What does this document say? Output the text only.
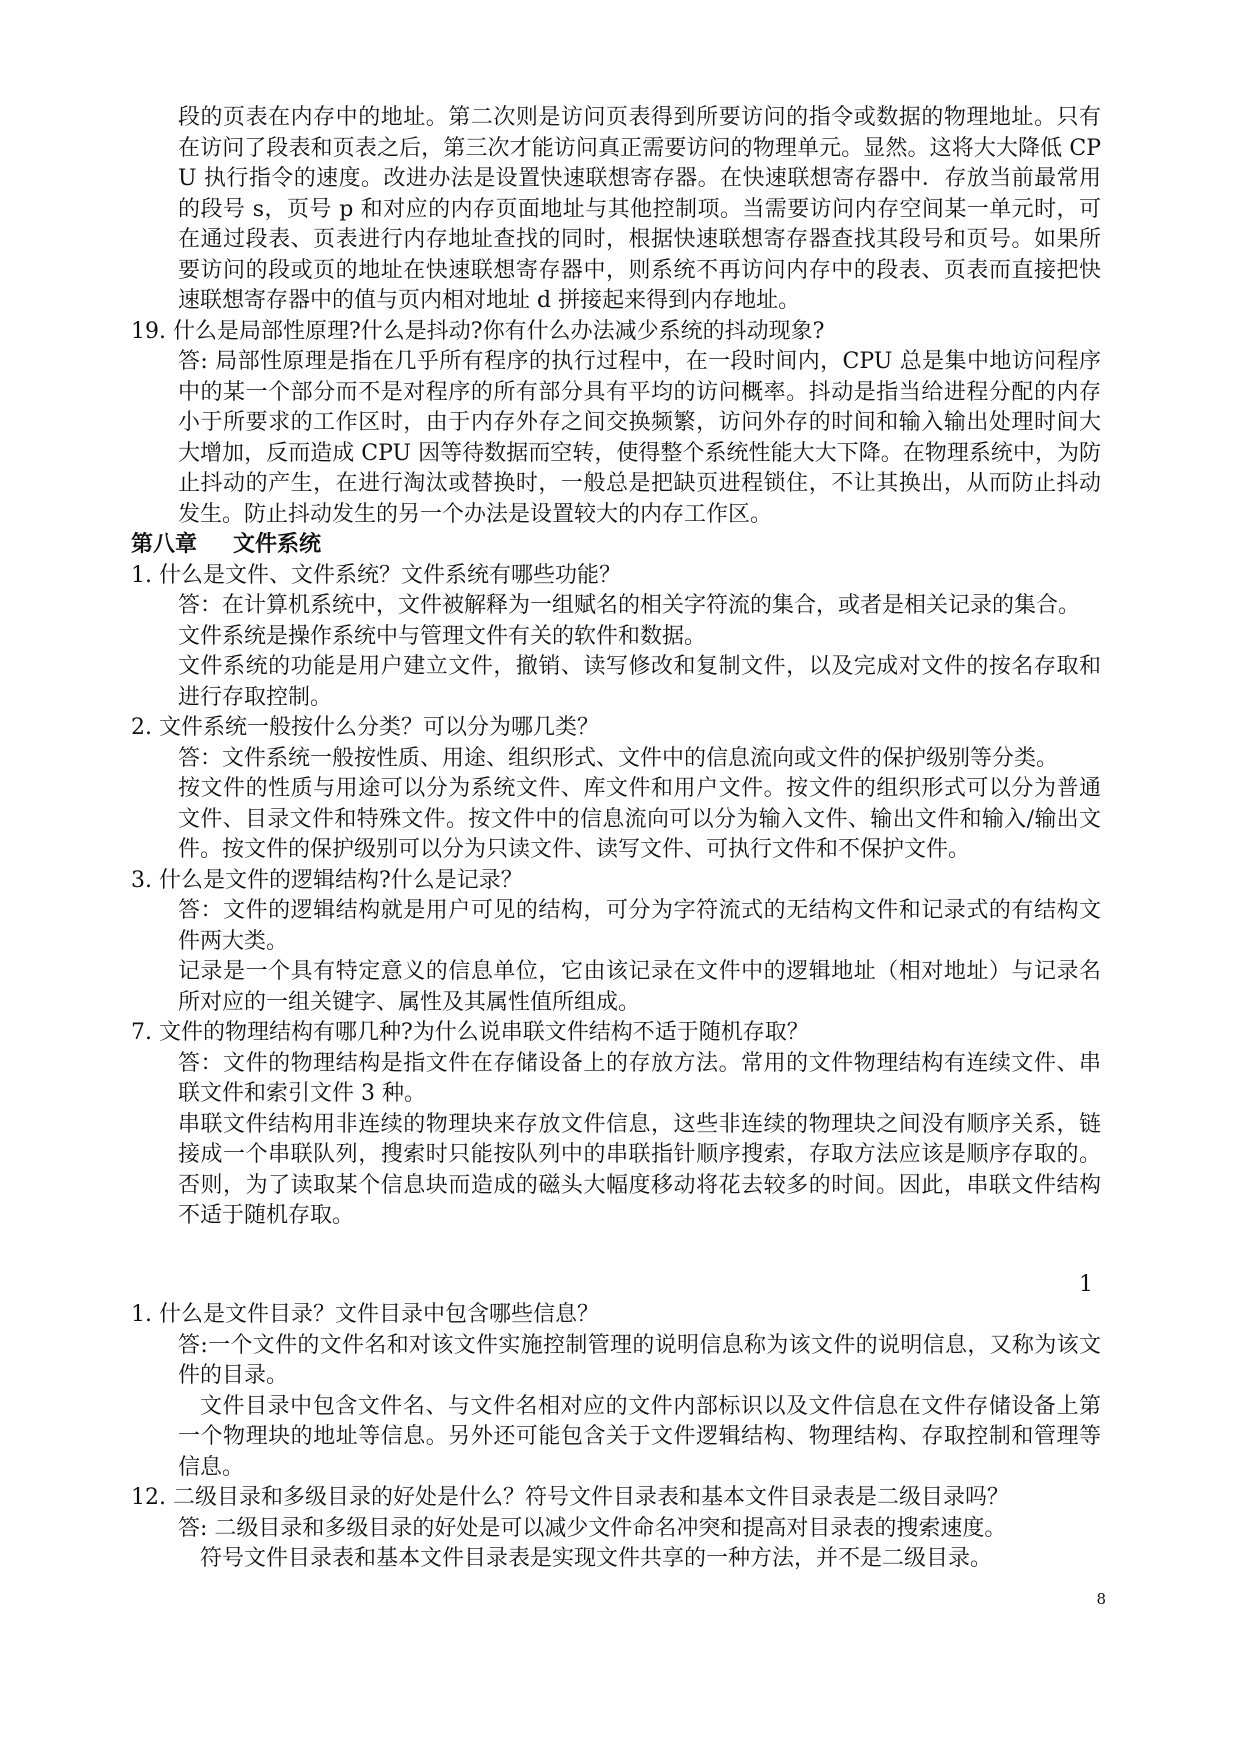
段的页表在内存中的地址。第二次则是访问页表得到所要访问的指令或数据的物理地址。只有在访问了段表和页表之后，第三次才能访问真正需要访问的物理单元。显然。这将大大降低 CPU 执行指令的速度。改进办法是设置快速联想寄存器。在快速联想寄存器中．存放当前最常用的段号 s，页号 p 和对应的内存页面地址与其他控制项。当需要访问内存空间某一单元时，可在通过段表、页表进行内存地址查找的同时，根据快速联想寄存器查找其段号和页号。如果所要访问的段或页的地址在快速联想寄存器中，则系统不再访问内存中的段表、页表而直接把快速联想寄存器中的值与页内相对地址 d 拼接起来得到内存地址。

19. 什么是局部性原理?什么是抖动?你有什么办法减少系统的抖动现象?

答: 局部性原理是指在几乎所有程序的执行过程中，在一段时间内，CPU 总是集中地访问程序中的某一个部分而不是对程序的所有部分具有平均的访问概率。抖动是指当给进程分配的内存小于所要求的工作区时，由于内存外存之间交换频繁，访问外存的时间和输入输出处理时间大大增加，反而造成 CPU 因等待数据而空转，使得整个系统性能大大下降。在物理系统中，为防止抖动的产生，在进行淘汰或替换时，一般总是把缺页进程锁住，不让其换出，从而防止抖动发生。防止抖动发生的另一个办法是设置较大的内存工作区。

第八章 文件系统

1. 什么是文件、文件系统？文件系统有哪些功能？

答：在计算机系统中，文件被解释为一组赋名的相关字符流的集合，或者是相关记录的集合。

文件系统是操作系统中与管理文件有关的软件和数据。

文件系统的功能是用户建立文件，撤销、读写修改和复制文件，以及完成对文件的按名存取和进行存取控制。

2. 文件系统一般按什么分类？可以分为哪几类？

答：文件系统一般按性质、用途、组织形式、文件中的信息流向或文件的保护级别等分类。

按文件的性质与用途可以分为系统文件、库文件和用户文件。按文件的组织形式可以分为普通文件、目录文件和特殊文件。按文件中的信息流向可以分为输入文件、输出文件和输入/输出文件。按文件的保护级别可以分为只读文件、读写文件、可执行文件和不保护文件。

3. 什么是文件的逻辑结构?什么是记录？

答：文件的逻辑结构就是用户可见的结构，可分为字符流式的无结构文件和记录式的有结构文件两大类。

记录是一个具有特定意义的信息单位，它由该记录在文件中的逻辑地址（相对地址）与记录名所对应的一组关键字、属性及其属性值所组成。

7. 文件的物理结构有哪几种?为什么说串联文件结构不适于随机存取？

答：文件的物理结构是指文件在存储设备上的存放方法。常用的文件物理结构有连续文件、串联文件和索引文件 3 种。

串联文件结构用非连续的物理块来存放文件信息，这些非连续的物理块之间没有顺序关系，链接成一个串联队列，搜索时只能按队列中的串联指针顺序搜索，存取方法应该是顺序存取的。否则，为了读取某个信息块而造成的磁头大幅度移动将花去较多的时间。因此，串联文件结构不适于随机存取。

1

1. 什么是文件目录？文件目录中包含哪些信息？

答:一个文件的文件名和对该文件实施控制管理的说明信息称为该文件的说明信息，又称为该文件的目录。

文件目录中包含文件名、与文件名相对应的文件内部标识以及文件信息在文件存储设备上第一个物理块的地址等信息。另外还可能包含关于文件逻辑结构、物理结构、存取控制和管理等信息。

12. 二级目录和多级目录的好处是什么？符号文件目录表和基本文件目录表是二级目录吗？

答: 二级目录和多级目录的好处是可以减少文件命名冲突和提高对目录表的搜索速度。

符号文件目录表和基本文件目录表是实现文件共享的一种方法，并不是二级目录。

8
